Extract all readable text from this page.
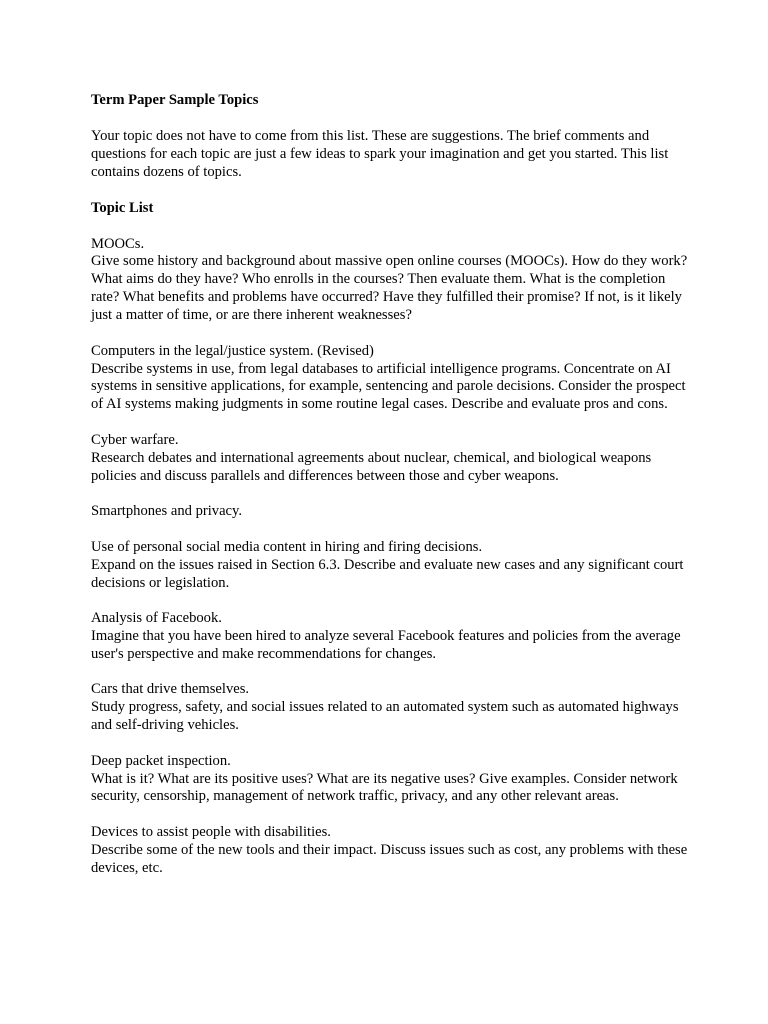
Term Paper Sample Topics
Your topic does not have to come from this list. These are suggestions. The brief comments and questions for each topic are just a few ideas to spark your imagination and get you started. This list contains dozens of topics.
Topic List
MOOCs.
Give some history and background about massive open online courses (MOOCs). How do they work? What aims do they have? Who enrolls in the courses? Then evaluate them. What is the completion rate? What benefits and problems have occurred? Have they fulfilled their promise? If not, is it likely just a matter of time, or are there inherent weaknesses?
Computers in the legal/justice system. (Revised)
Describe systems in use, from legal databases to artificial intelligence programs. Concentrate on AI systems in sensitive applications, for example, sentencing and parole decisions. Consider the prospect of AI systems making judgments in some routine legal cases. Describe and evaluate pros and cons.
Cyber warfare.
Research debates and international agreements about nuclear, chemical, and biological weapons policies and discuss parallels and differences between those and cyber weapons.
Smartphones and privacy.
Use of personal social media content in hiring and firing decisions.
Expand on the issues raised in Section 6.3. Describe and evaluate new cases and any significant court decisions or legislation.
Analysis of Facebook.
Imagine that you have been hired to analyze several Facebook features and policies from the average user's perspective and make recommendations for changes.
Cars that drive themselves.
Study progress, safety, and social issues related to an automated system such as automated highways and self-driving vehicles.
Deep packet inspection.
What is it? What are its positive uses? What are its negative uses? Give examples. Consider network security, censorship, management of network traffic, privacy, and any other relevant areas.
Devices to assist people with disabilities.
Describe some of the new tools and their impact. Discuss issues such as cost, any problems with these devices, etc.
